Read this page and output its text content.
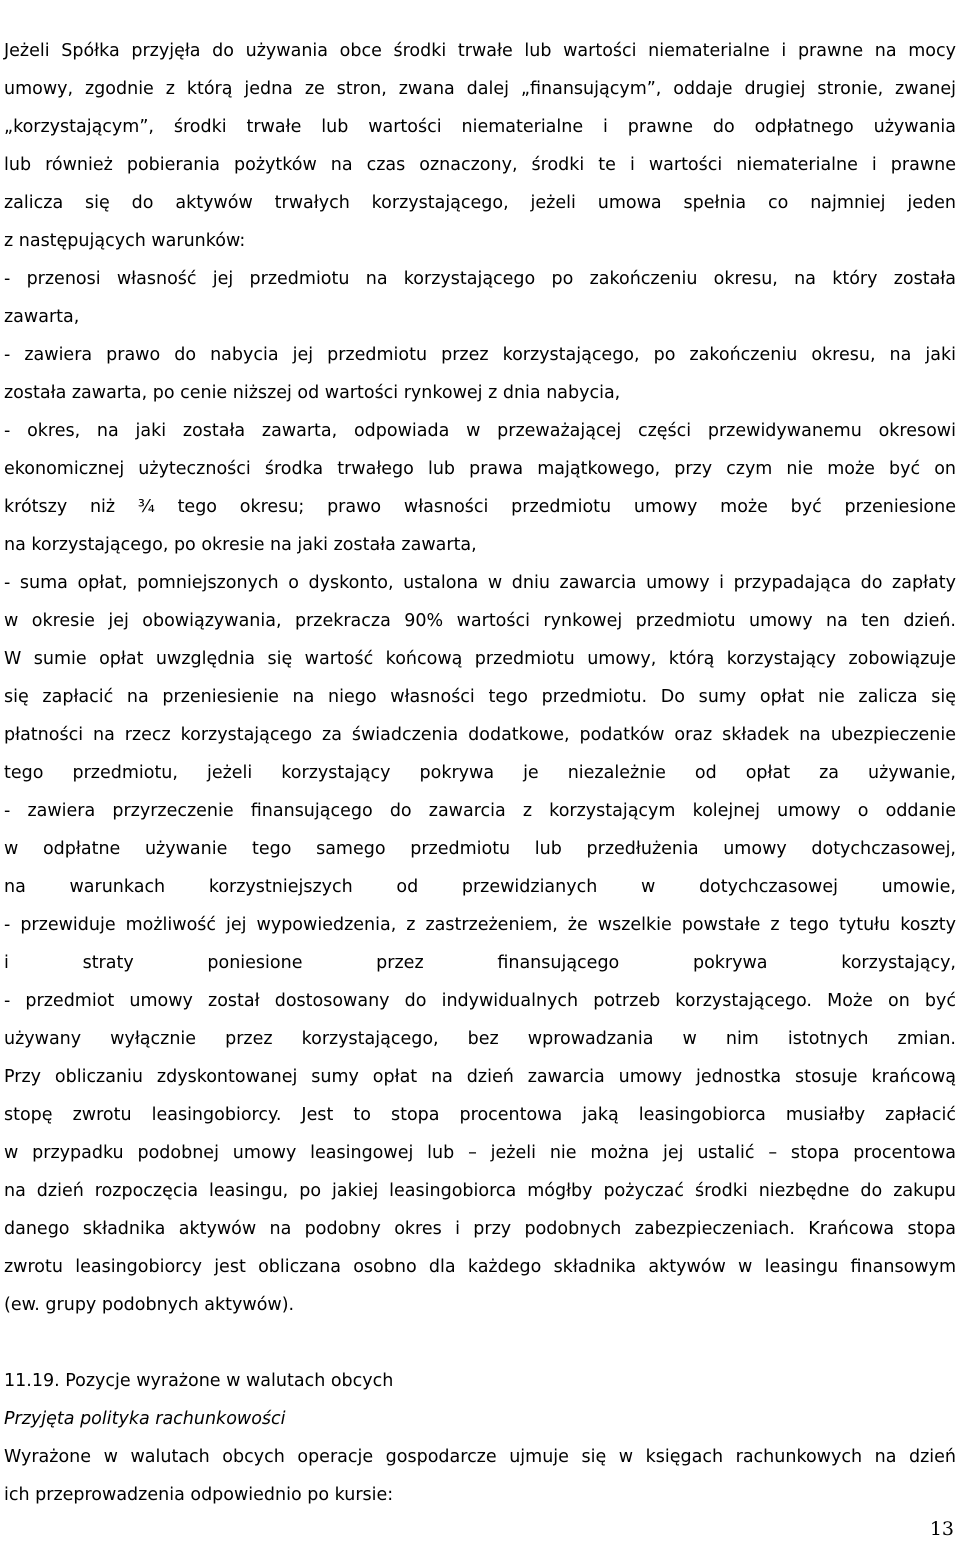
Jeżeli Spółka przyjęła do używania obce środki trwałe lub wartości niematerialne i prawne na mocy
umowy, zgodnie z którą jedna ze stron, zwana dalej „finansującym”, oddaje drugiej stronie, zwanej
„korzystającym”, środki trwałe lub wartości niematerialne i prawne do odpłatnego używania
lub również pobierania pożytków na czas oznaczony, środki te i wartości niematerialne i prawne
zalicza się do aktywów trwałych korzystającego, jeżeli umowa spełnia co najmniej jeden
z następujących warunków:
- przenosi własność jej przedmiotu na korzystającego po zakończeniu okresu, na który została
zawarta,
- zawiera prawo do nabycia jej przedmiotu przez korzystającego, po zakończeniu okresu, na jaki
została zawarta, po cenie niższej od wartości rynkowej z dnia nabycia,
- okres, na jaki została zawarta, odpowiada w przeważającej części przewidywanemu okresowi
ekonomicznej użyteczności środka trwałego lub prawa majątkowego, przy czym nie może być on
krótszy niż ¾ tego okresu; prawo własności przedmiotu umowy może być przeniesione
na korzystającego, po okresie na jaki została zawarta,
- suma opłat, pomniejszonych o dyskonto, ustalona w dniu zawarcia umowy i przypadająca do zapłaty
w okresie jej obowiązywania, przekracza 90% wartości rynkowej przedmiotu umowy na ten dzień.
W sumie opłat uwzględnia się wartość końcową przedmiotu umowy, którą korzystający zobowiązuje
się zapłacić na przeniesienie na niego własności tego przedmiotu. Do sumy opłat nie zalicza się
płatności na rzecz korzystającego za świadczenia dodatkowe, podatków oraz składek na ubezpieczenie
tego przedmiotu, jeżeli korzystający pokrywa je niezależnie od opłat za używanie,
- zawiera przyrzeczenie finansującego do zawarcia z korzystającym kolejnej umowy o oddanie
w odpłatne używanie tego samego przedmiotu lub przedłużenia umowy dotychczasowej,
na warunkach korzystniejszych od przewidzianych w dotychczasowej umowie,
- przewiduje możliwość jej wypowiedzenia, z zastrzeżeniem, że wszelkie powstałe z tego tytułu koszty
i straty poniesione przez finansującego pokrywa korzystający,
- przedmiot umowy został dostosowany do indywidualnych potrzeb korzystającego. Może on być
używany wyłącznie przez korzystającego, bez wprowadzania w nim istotnych zmian.
Przy obliczaniu zdyskontowanej sumy opłat na dzień zawarcia umowy jednostka stosuje krańcową
stopę zwrotu leasingobiorcy. Jest to stopa procentowa jaką leasingobiorca musiałby zapłacić
w przypadku podobnej umowy leasingowej lub – jeżeli nie można jej ustalić – stopa procentowa
na dzień rozpoczęcia leasingu, po jakiej leasingobiorca mógłby pożyczać środki niezbędne do zakupu
danego składnika aktywów na podobny okres i przy podobnych zabezpieczeniach. Krańcowa stopa
zwrotu leasingobiorcy jest obliczana osobno dla każdego składnika aktywów w leasingu finansowym
(ew. grupy podobnych aktywów).
11.19. Pozycje wyrażone w walutach obcych
Przyjęta polityka rachunkowości
Wyrażone w walutach obcych operacje gospodarcze ujmuje się w księgach rachunkowych na dzień
ich przeprowadzenia odpowiednio po kursie:
13
